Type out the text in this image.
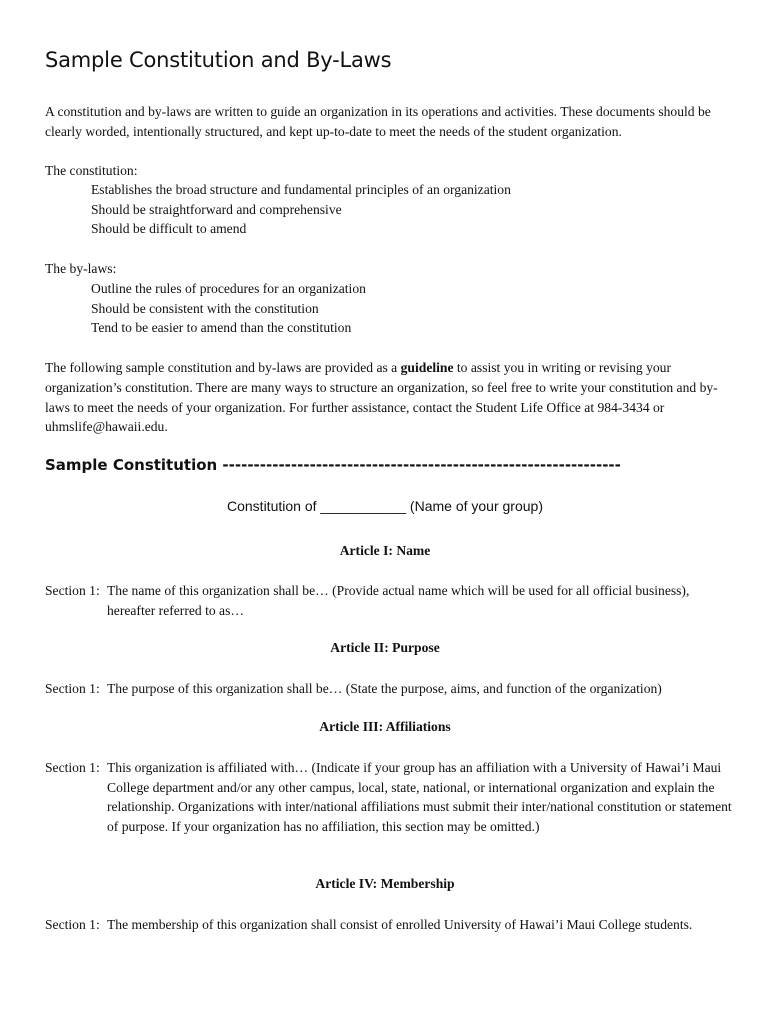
Sample Constitution and By-Laws

A constitution and by-laws are written to guide an organization in its operations and activities. These documents should be clearly worded, intentionally structured, and kept up-to-date to meet the needs of the student organization.

The constitution:
Establishes the broad structure and fundamental principles of an organization
Should be straightforward and comprehensive
Should be difficult to amend
The by-laws:
Outline the rules of procedures for an organization
Should be consistent with the constitution
Tend to be easier to amend than the constitution

The following sample constitution and by-laws are provided as a guideline to assist you in writing or revising your organization’s constitution. There are many ways to structure an organization, so feel free to write your constitution and by-laws to meet the needs of your organization. For further assistance, contact the Student Life Office at 984-3434 or uhmslife@hawaii.edu.

Sample Constitution ----------------------------------------------------------------
Constitution of ___________ (Name of your group)
Article I: Name
Section 1: The name of this organization shall be… (Provide actual name which will be used for all official business), hereafter referred to as…
Article II: Purpose
Section 1: The purpose of this organization shall be… (State the purpose, aims, and function of the organization)
Article III: Affiliations
Section 1: This organization is affiliated with… (Indicate if your group has an affiliation with a University of Hawai’i Maui College department and/or any other campus, local, state, national, or international organization and explain the relationship. Organizations with inter/national affiliations must submit their inter/national constitution or statement of purpose. If your organization has no affiliation, this section may be omitted.)
Article IV: Membership
Section 1: The membership of this organization shall consist of enrolled University of Hawai’i Maui College students.
